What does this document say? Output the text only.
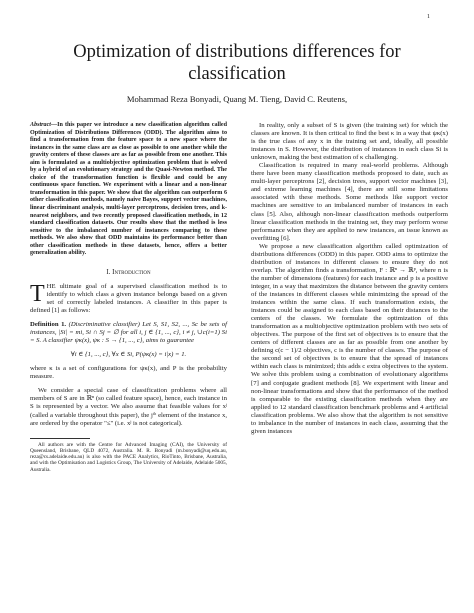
1
Optimization of distributions differences for classification
Mohammad Reza Bonyadi, Quang M. Tieng, David C. Reutens,
Abstract—In this paper we introduce a new classification algorithm called Optimization of Distributions Differences (ODD). The algorithm aims to find a transformation from the feature space to a new space where the instances in the same class are as close as possible to one another while the gravity centers of these classes are as far as possible from one another. This aim is formulated as a multiobjective optimization problem that is solved by a hybrid of an evolutionary strategy and the Quasi-Newton method. The choice of the transformation function is flexible and could be any continuous space function. We experiment with a linear and a non-linear transformation in this paper. We show that the algorithm can outperform 6 other classification methods, namely naive Bayes, support vector machines, linear discriminant analysis, multi-layer perceptrons, decision trees, and k-nearest neighbors, and two recently proposed classification methods, in 12 standard classification datasets. Our results show that the method is less sensitive to the imbalanced number of instances comparing to these methods. We also show that ODD maintains its performance better than other classification methods in these datasets, hence, offers a better generalization ability.
I. Introduction

THE ultimate goal of a supervised classification method is to identify to which class a given instance belongs based on a given set of correctly labeled instances. A classifier in this paper is defined [1] as follows:

Definition 1. (Discriminative classifier) Let S, S1, S2, ..., Sc be sets of instances, |Si| = mi, Si ∩ Sj = ∅ for all i, j ∈ {1, ..., c}, i ≠ j, ∪c(i=1) Si = S. A classifier ψκ(x), ψκ : S → {1, ..., c}, aims to guarantee
∀i ∈ {1, ..., c}, ∀x ∈ Si, P(ψκ(x) = i|x) = 1.

where κ is a set of configurations for ψκ(x), and P is the probability measure.

We consider a special case of classification problems where all members of S are in ℝⁿ (so called feature space), hence, each instance in S is represented by a vector. We also assume that feasible values for xʲ (called a variable throughout this paper), the jᵗʰ element of the instance x, are ordered by the operator "≤" (i.e. xʲ is not categorical).

All authors are with the Centre for Advanced Imaging (CAI), the University of Queensland, Brisbane, QLD 4072, Australia. M. R. Bonyadi (m.bonyadi@uq.edu.au, reza@cs.adelaide.edu.au) is also with the PACE Analytics, RioTinto, Brisbane, Australia, and with the Optimisation and Logistics Group, The University of Adelaide, Adelaide 5005, Australia.

In reality, only a subset of S is given (the training set) for which the classes are known. It is then critical to find the best κ in a way that ψκ(x) is the true class of any x in the training set and, ideally, all possible instances in S. However, the distribution of instances in each class Si is unknown, making the best estimation of κ challenging.

Classification is required in many real-world problems. Although there have been many classification methods proposed to date, such as multi-layer perceptrons [2], decision trees, support vector machines [3], and extreme learning machines [4], there are still some limitations associated with these methods. Some methods like support vector machines are sensitive to an imbalanced number of instances in each class [5]. Also, although non-linear classification methods outperform linear classification methods in the training set, they may perform worse performance when they are applied to new instances, an issue known as overfitting [6].

We propose a new classification algorithm called optimization of distributions differences (ODD) in this paper. ODD aims to optimize the distribution of instances in different classes to ensure they do not overlap. The algorithm finds a transformation, F : ℝⁿ → ℝᵖ, where n is the number of dimensions (features) for each instance and p is a positive integer, in a way that maximizes the distance between the gravity centers of the instances in different classes while minimizing the spread of the instances within the same class. If such transformation exists, the instances could be assigned to each class based on their distances to the centers of the classes. We formulate the optimization of this transformation as a multiobjective optimization problem with two sets of objectives. The purpose of the first set of objectives is to ensure that the centers of different classes are as far as possible from one another by defining c(c − 1)/2 objectives, c is the number of classes. The purpose of the second set of objectives is to ensure that the spread of instances within each class is minimized; this adds c extra objectives to the system. We solve this problem using a combination of evolutionary algorithms [7] and conjugate gradient methods [8]. We experiment with linear and non-linear transformations and show that the performance of the method is comparable to the existing classification methods when they are applied to 12 standard classification benchmark problems and 4 artificial classification problems. We also show that the algorithm is not sensitive to imbalance in the number of instances in each class, assuming that the given instances
